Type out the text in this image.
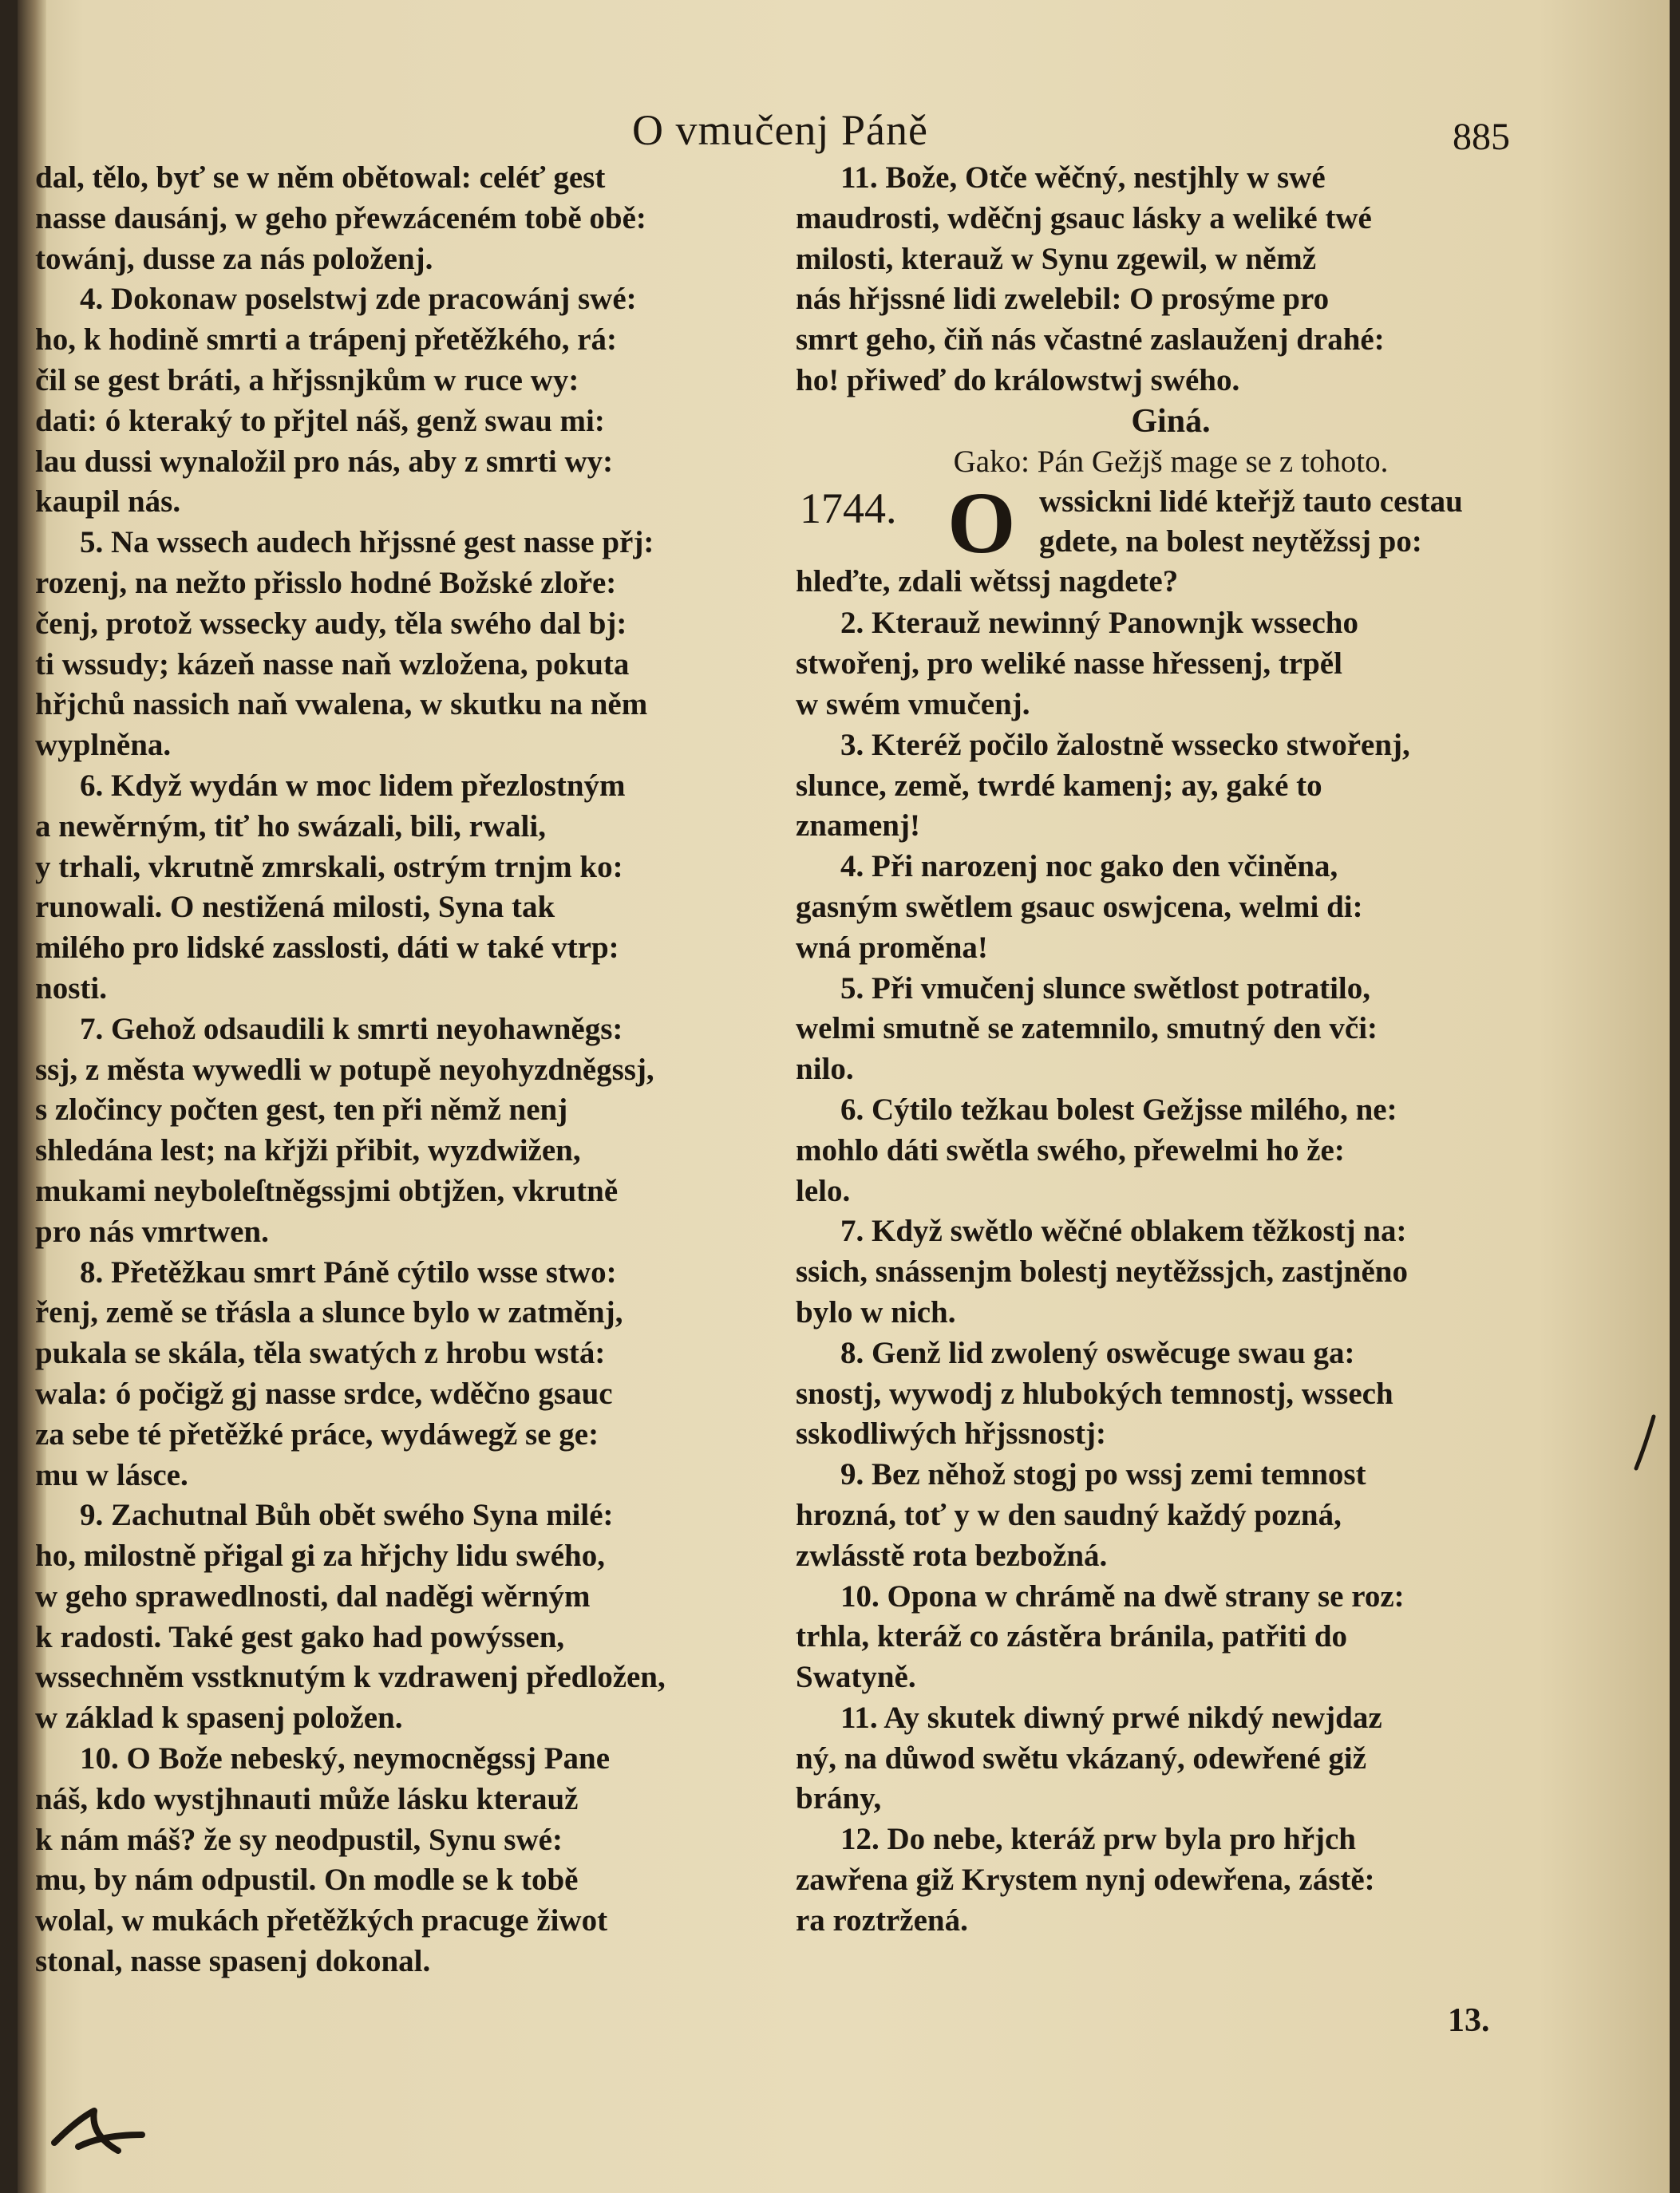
O vmučenj Páně	885
dal, tělo, byť se w něm obětowal: celéť gest
nasse dausánj, w geho přewzáceném tobě obě:
towánj, dusse za nás položenj.
4. Dokonaw poselstwj zde pracowánj swé:
ho, k hodině smrti a trápenj přetěžkého, rá:
čil se gest bráti, a hřjssnjkům w ruce wy:
dati: ó kteraký to přjtel náš, genž swau mi:
lau dussi wynaložil pro nás, aby z smrti wy:
kaupil nás.
5. Na wssech audech hřjssné gest nasse přj:
rozenj, na nežto přisslo hodné Božské zloře:
čenj, protož wssecky audy, těla swého dal bj:
ti wssudy; kázeň nasse naň wzložena, pokuta
hřjchů nassich naň vwalena, w skutku na něm
wyplněna.
6. Když wydán w moc lidem přezlostným
a newěrným, tiť ho swázali, bili, rwali,
y trhali, vkrutně zmrskali, ostrým trnjm ko:
runowali. O nestižená milosti, Syna tak
milého pro lidské zasslosti, dáti w také vtrp:
nosti.
7. Gehož odsaudili k smrti neyohawněgs:
ssj, z města wywedli w potupě neyohyzdněgssj,
s zločincy počten gest, ten při němž nenj
shledána lest; na křjži přibit, wyzdwižen,
mukami neyboleſtněgssjmi obtjžen, vkrutně
pro nás vmrtwen.
8. Přetěžkau smrt Páně cýtilo wsse stwo:
řenj, země se třásla a slunce bylo w zatměnj,
pukala se skála, těla swatých z hrobu wstá:
wala: ó počigž gj nasse srdce, wděčno gsauc
za sebe té přetěžké práce, wydáwegž se ge:
mu w lásce.
9. Zachutnal Bůh obět swého Syna milé:
ho, milostně přigal gi za hřjchy lidu swého,
w geho sprawedlnosti, dal naděgi wěrným
k radosti. Také gest gako had powýssen,
wssechněm vsstknutým k vzdrawenj předložen,
w základ k spasenj položen.
10. O Bože nebeský, neymocněgssj Pane
náš, kdo wystjhnauti může lásku kterauž
k nám máš? že sy neodpustil, Synu swé:
mu, by nám odpustil. On modle se k tobě
wolal, w mukách přetěžkých pracuge žiwot
stonal, nasse spasenj dokonal.
11. Bože, Otče wěčný, nestjhly w swé
maudrosti, wděčnj gsauc lásky a weliké twé
milosti, kterauž w Synu zgewil, w němž
nás hřjssné lidi zwelebil: O prosýme pro
smrt geho, čiň nás včastné zaslauženj drahé:
ho! přiweď do králowstwj swého.
Giná.
Gako: Pán Gežjš mage se z tohoto.
1744. O wssickni lidé kteřjž tauto cestau
gdete, na bolest neytěžssj po:
hleďte, zdali wětssj nagdete?
2. Kterauž newinný Panownjk wssecho
stwořenj, pro weliké nasse hřessenj, trpěl
w swém vmučenj.
3. Kteréž počilo žalostně wssecko stwořenj,
slunce, země, twrdé kamenj; ay, gaké to
znamenj!
4. Při narozenj noc gako den včiněna,
gasným swětlem gsauc oswjcena, welmi di:
wná proměna!
5. Při vmučenj slunce swětlost potratilo,
welmi smutně se zatemnilo, smutný den vči:
nilo.
6. Cýtilo težkau bolest Gežjsse milého, ne:
mohlo dáti swětla swého, přewelmi ho že:
lelo.
7. Když swětlo wěčné oblakem těžkostj na:
ssich, snássenjm bolestj neytěžssjch, zastjněno
bylo w nich.
8. Genž lid zwolený oswěcuge swau ga:
snostj, wywodj z hlubokých temnostj, wssech
sskodliwých hřjssnostj:
9. Bez něhož stogj po wssj zemi temnost
hrozná, toť y w den saudný každý pozná,
zwlásstě rota bezbožná.
10. Opona w chrámě na dwě strany se roz:
trhla, kteráž co zástěra bránila, patřiti do
Swatyně.
11. Ay skutek diwný prwé nikdý newjdaz
ný, na důwod swětu vkázaný, odewřené giž
brány,
12. Do nebe, kteráž prw byla pro hřjch
zawřena giž Krystem nynj odewřena, zástě:
ra roztržená.
13.
